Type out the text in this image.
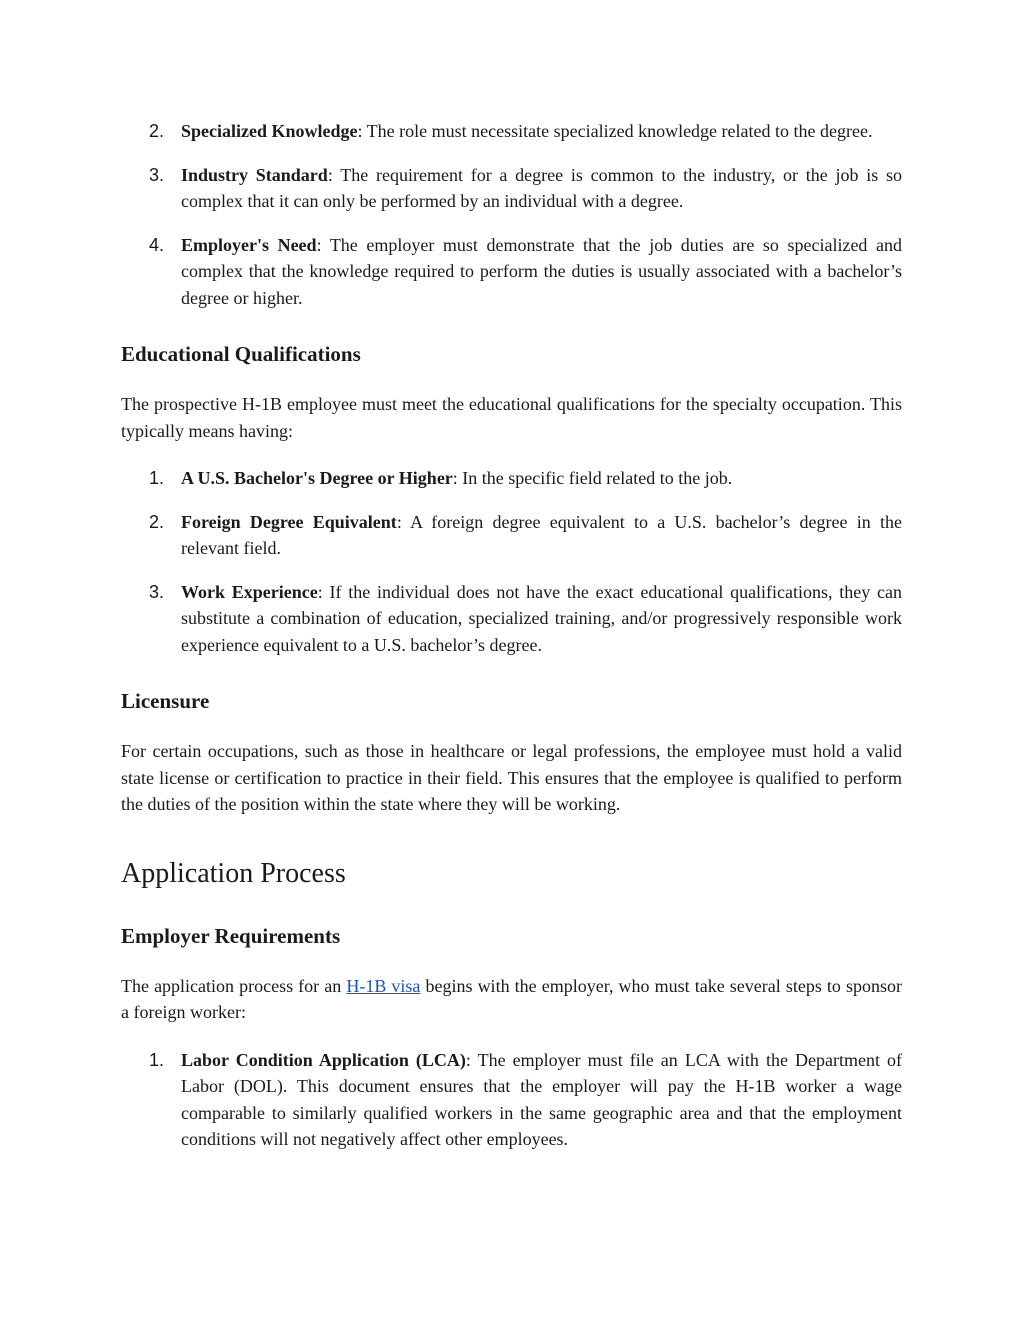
2. Specialized Knowledge: The role must necessitate specialized knowledge related to the degree.
3. Industry Standard: The requirement for a degree is common to the industry, or the job is so complex that it can only be performed by an individual with a degree.
4. Employer's Need: The employer must demonstrate that the job duties are so specialized and complex that the knowledge required to perform the duties is usually associated with a bachelor’s degree or higher.
Educational Qualifications

The prospective H-1B employee must meet the educational qualifications for the specialty occupation. This typically means having:

1. A U.S. Bachelor's Degree or Higher: In the specific field related to the job.
2. Foreign Degree Equivalent: A foreign degree equivalent to a U.S. bachelor’s degree in the relevant field.
3. Work Experience: If the individual does not have the exact educational qualifications, they can substitute a combination of education, specialized training, and/or progressively responsible work experience equivalent to a U.S. bachelor’s degree.
Licensure

For certain occupations, such as those in healthcare or legal professions, the employee must hold a valid state license or certification to practice in their field. This ensures that the employee is qualified to perform the duties of the position within the state where they will be working.

Application Process
Employer Requirements

The application process for an H-1B visa begins with the employer, who must take several steps to sponsor a foreign worker:

1. Labor Condition Application (LCA): The employer must file an LCA with the Department of Labor (DOL). This document ensures that the employer will pay the H-1B worker a wage comparable to similarly qualified workers in the same geographic area and that the employment conditions will not negatively affect other employees.
